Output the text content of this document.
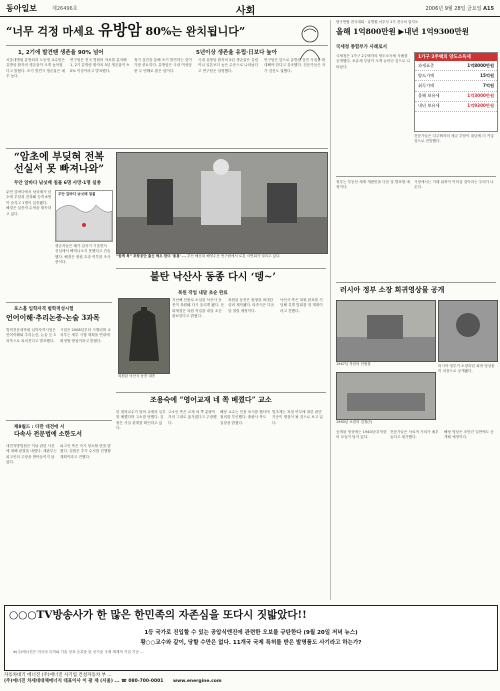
동아일보	제26496호	사회	2006년 9월 28일 금요일 A15
“너무 걱정 마세요 유방암 80%는 완치됩니다”
1, 2기에 발견땐 생존율 90% 넘어	5년이상 생존율 유럽·日보다 높아
서울대병원 유방외과 노동영 교수팀은 유방암 환자의 생존율이 크게 높아졌다고 밝혔다. 조기 발견시 생존율은 매우 높다.
연구팀은 전국 병원의 자료를 분석해 1, 2기 유방암 환자의 5년 생존율이 90% 이상이라고 발표했다.
정기 검진을 통해 조기 발견하는 것이 가장 중요하다. 유방암은 국내 여성암 중 두 번째로 많은 암이다.
국내 유방암 환자의 5년 생존율은 유럽이나 일본보다 높은 수준으로 나타났다고 연구팀은 설명했다.
연구팀은 앞으로 유방암 검진 사업을 확대해야 한다고 강조했다. 전문가들은 자가 검진도 권했다.
“암초에 부딪혀 전복
선실서 못 빠져나와”
무안 앞바다 낚싯배 침몰 6명 사망·1명 실종
무안 앞바다에서 낚싯배가 암초에 부딪혀 전복돼 승객 6명이 숨지고 1명이 실종됐다. 해경은 실종자 수색을 계속하고 있다.
무안 앞바다 낚싯배 침몰
생존자들은 배가 갑자기 기울면서 선실에서 빠져나오지 못했다고 진술했다. 해경은 정원 초과 여부를 조사 중이다.
포스홀 입학자격 범학적성시험
언어이해·추리논증-논술 3과목
법학전문대학원 입학자격시험은 언어이해와 추리논증, 논술 등 3과목으로 치러진다고 발표했다.
시험은 2008년부터 시행되며 교육부는 세부 시행 계획을 연내에 확정할 방침이라고 밝혔다.
제8월드 : 다만 대전에 서
다속사 전문법에 소한도서
대전지방법원은 이날 관련 사건에 대해 판결을 내렸다. 재판부는 피고인의 주장을 받아들이지 않았다.
피고인 측은 즉시 항소할 뜻을 밝혔다. 검찰은 추가 수사를 진행할 계획이라고 전했다.
“함께 북” 포항공단 출신 해오 한미 '통통' ... 부산 해운대 해양수산 연구원에서 로봇 시연회가 열리고 있다.
불탄 낙산사 동종 다시 ‘뎅~’
복원 작업 내달 초순 완료
복원된 낙산사 동종 대종
지난해 산불로 소실된 낙산사 동종이 복원돼 다시 울리게 됐다. 문화재청은 복원 작업을 내달 초순 완료한다고 밝혔다.
복원된 동종은 원형을 최대한 살려 제작됐다. 타종식은 다음 달 열릴 예정이다.
낙산사 측은 복원 완료를 기념해 특별 법회를 열 계획이라고 전했다.
조용숙에 “영어교재 네 쪽 베꼈다” 교소
한 대학교수가 영어 교재의 일부를 베꼈다며 고소를 당했다. 검찰은 사실 관계를 확인하고 있다.
고소인 측은 교재 네 쪽 분량이 거의 그대로 옮겨졌다고 주장했다.
해당 교수는 인용 표시를 했다며 혐의를 부인했다. 출판사 측도 입장을 밝혔다.
법조계는 표절 여부에 대한 판단 기준이 쟁점이 될 것으로 보고 있다.
당구연합 전국대회 · 유명원 서부사 1기 전국처 업지오
올해 1억800만원 ▶내년 1억9300만원
국세청 종합부가 사례로서
국세청은 1가구 2주택자의 양도소득세 사례를 공개했다. 보유세 부담이 크게 늘어난 것으로 나타났다.
1가구 2주택의 양도소득세
과세표준	1억8000만원
양도가액	15억원
취득가액	7억원
올해 보유세	1억3000만원
내년 보유세	1억9300만원
전문가들은 다주택자의 세금 부담이 내년에 더 커질 것으로 전망했다.
정부는 부동산 세제 개편안을 다음 달 발표할 예정이다.
시장에서는 거래 위축이 이어질 것이라는 우려가 나온다.
러시아 정부 소장 희귀영상물 공개
1947년 북한의 단원물
1950년 소련의 검정(?)
러시아 정부가 소장하던 희귀 영상물이 처음으로 공개됐다.
공개된 영상에는 1940년대 북한의 모습이 담겨 있다.
전문가들은 사료적 가치가 매우 높다고 평가했다.
해당 영상은 조만간 일반에도 공개될 예정이다.
○○○TV방송사가 한 많은 한민족의 자존심을 또다시 짓밟았다!!
1등 국가로 진입할 수 있는 공압식엔진에 관련한 오보를 규탄한다 (9월 20일 저녁 뉴스)
황○○교수와 같이, 당할 수만은 없다. 11개국 국제 특허를 받은 발명품도 사기라고 하는가?
※(주)에너진은 미국의 특허와 기술 상표 등록을 된 신기술 국제 세계적 기업 기준 ...
자동차대기 에너진 (주)에너진 사기업 건설자동차 부 ...
(주)에너진 차세대대체에너지 대표이사 이 광 재 (서울) ... ☎ 080-700-0001 www.energine.com
